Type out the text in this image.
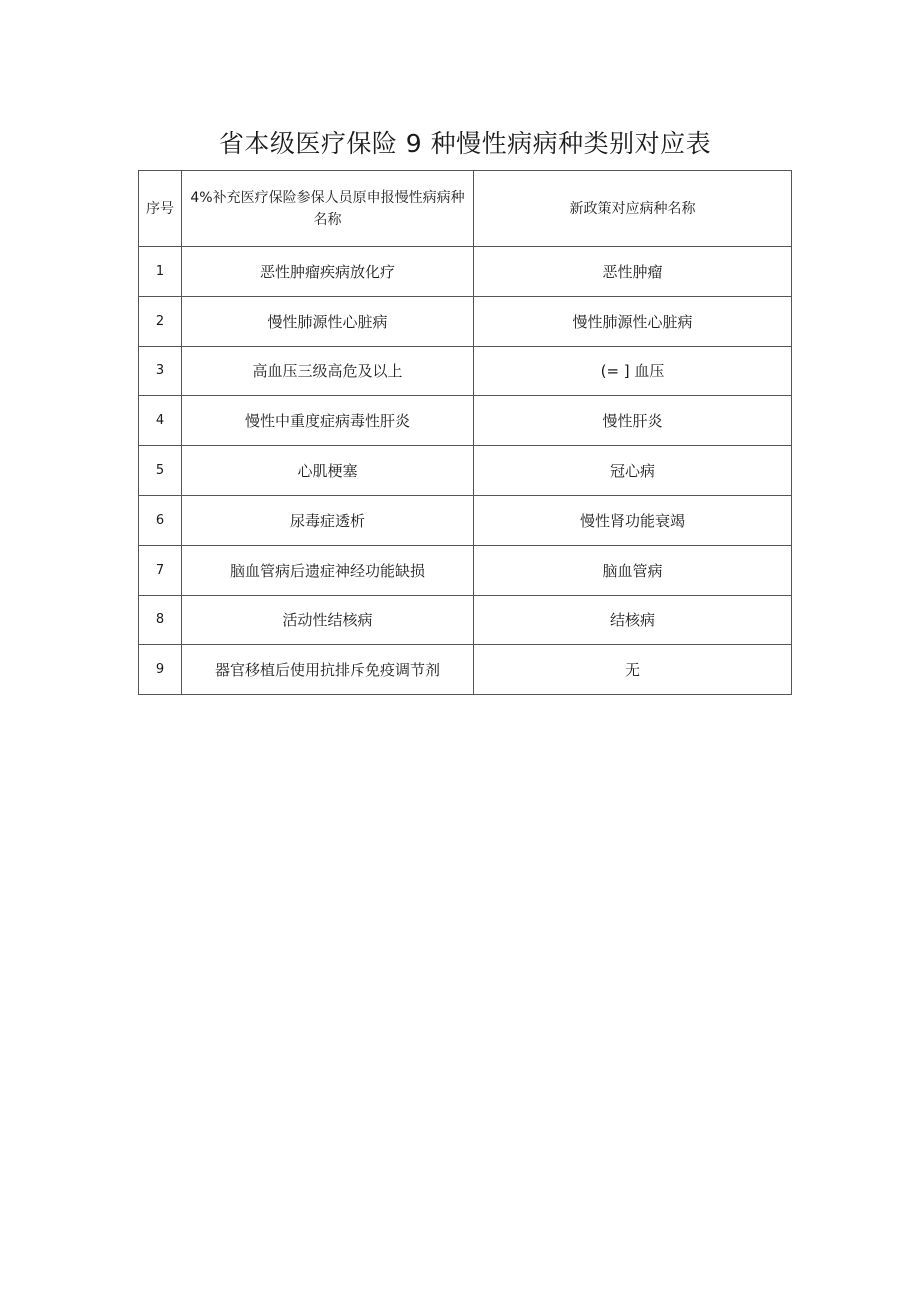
省本级医疗保险 9 种慢性病病种类别对应表
序号	4%补充医疗保险参保人员原申报慢性病病种名称	新政策对应病种名称
1	恶性肿瘤疾病放化疗	恶性肿瘤
2	慢性肺源性心脏病	慢性肺源性心脏病
3	高血压三级高危及以上	(= ] 血压
4	慢性中重度症病毒性肝炎	慢性肝炎
5	心肌梗塞	冠心病
6	尿毒症透析	慢性肾功能衰竭
7	脑血管病后遗症神经功能缺损	脑血管病
8	活动性结核病	结核病
9	器官移植后使用抗排斥免疫调节剂	无
